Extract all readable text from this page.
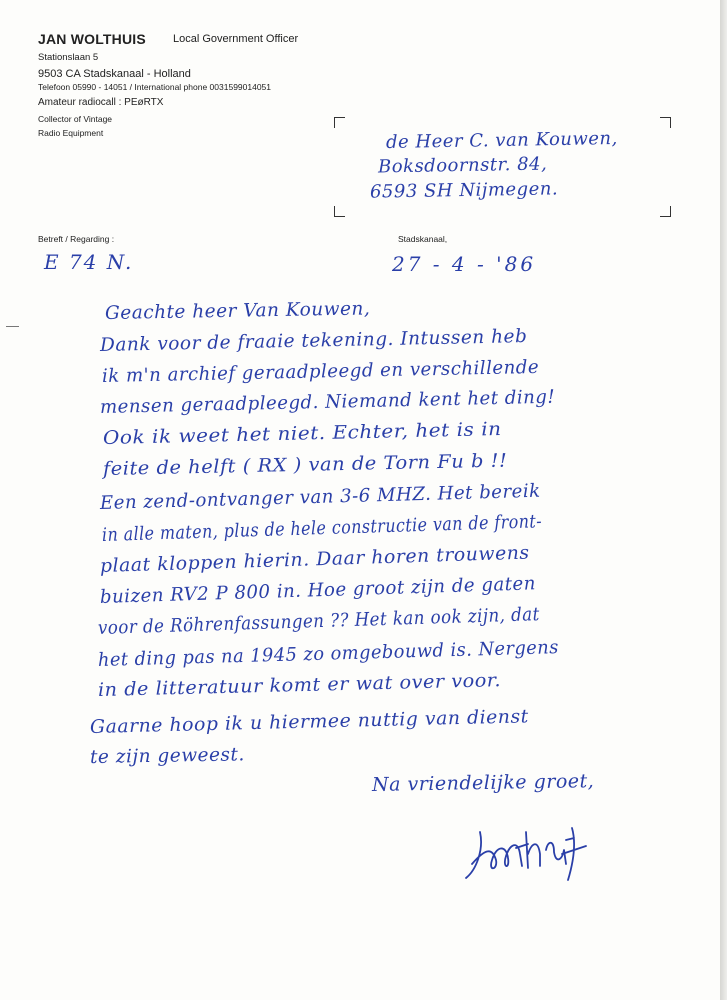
JAN WOLTHUIS Local Government Officer
Stationslaan 5
9503 CA Stadskanaal - Holland
Telefoon 05990 - 14051 / International phone 0031599014051
Amateur radiocall : PEøRTX
Collector of Vintage
Radio Equipment	de Heer C. van Kouwen,
Boksdoornstr. 84,
6593 SH Nijmegen.
Betreft / Regarding :	Stadskanaal,
E 74 N.	27 - 4 - '86
Geachte heer Van Kouwen,
Dank voor de fraaie tekening. Intussen heb
ik m'n archief geraadpleegd en verschillende
mensen geraadpleegd. Niemand kent het ding!
Ook ik weet het niet. Echter, het is in
feite de helft ( RX ) van de Torn Fu b !!
Een zend-ontvanger van 3-6 MHZ. Het bereik
in alle maten, plus de hele constructie van de front-
plaat kloppen hierin. Daar horen trouwens
buizen RV2 P 800 in. Hoe groot zijn de gaten
voor de Röhrenfassungen ?? Het kan ook zijn, dat
het ding pas na 1945 zo omgebouwd is. Nergens
in de litteratuur komt er wat over voor.
Gaarne hoop ik u hiermee nuttig van dienst
te zijn geweest.
Na vriendelijke groet,
